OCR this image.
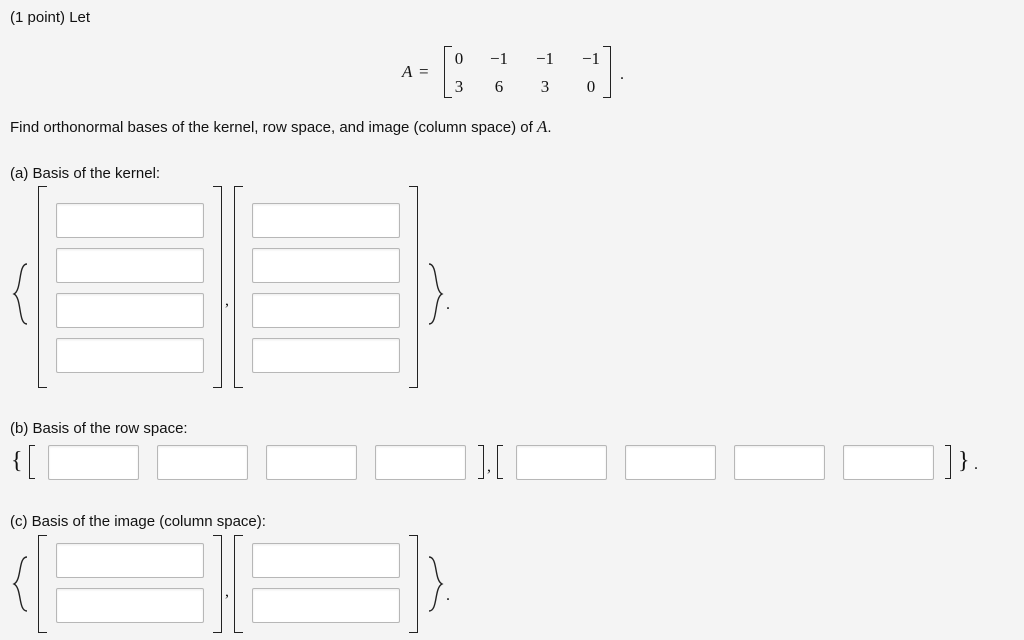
(1 point) Let
A =
0	−1	−1	−1
3	6	3	0
.
Find orthonormal bases of the kernel, row space, and image (column space) of A.
(a) Basis of the kernel:
,	.
(b) Basis of the row space:
{	,	} .
(c) Basis of the image (column space):
,	.
